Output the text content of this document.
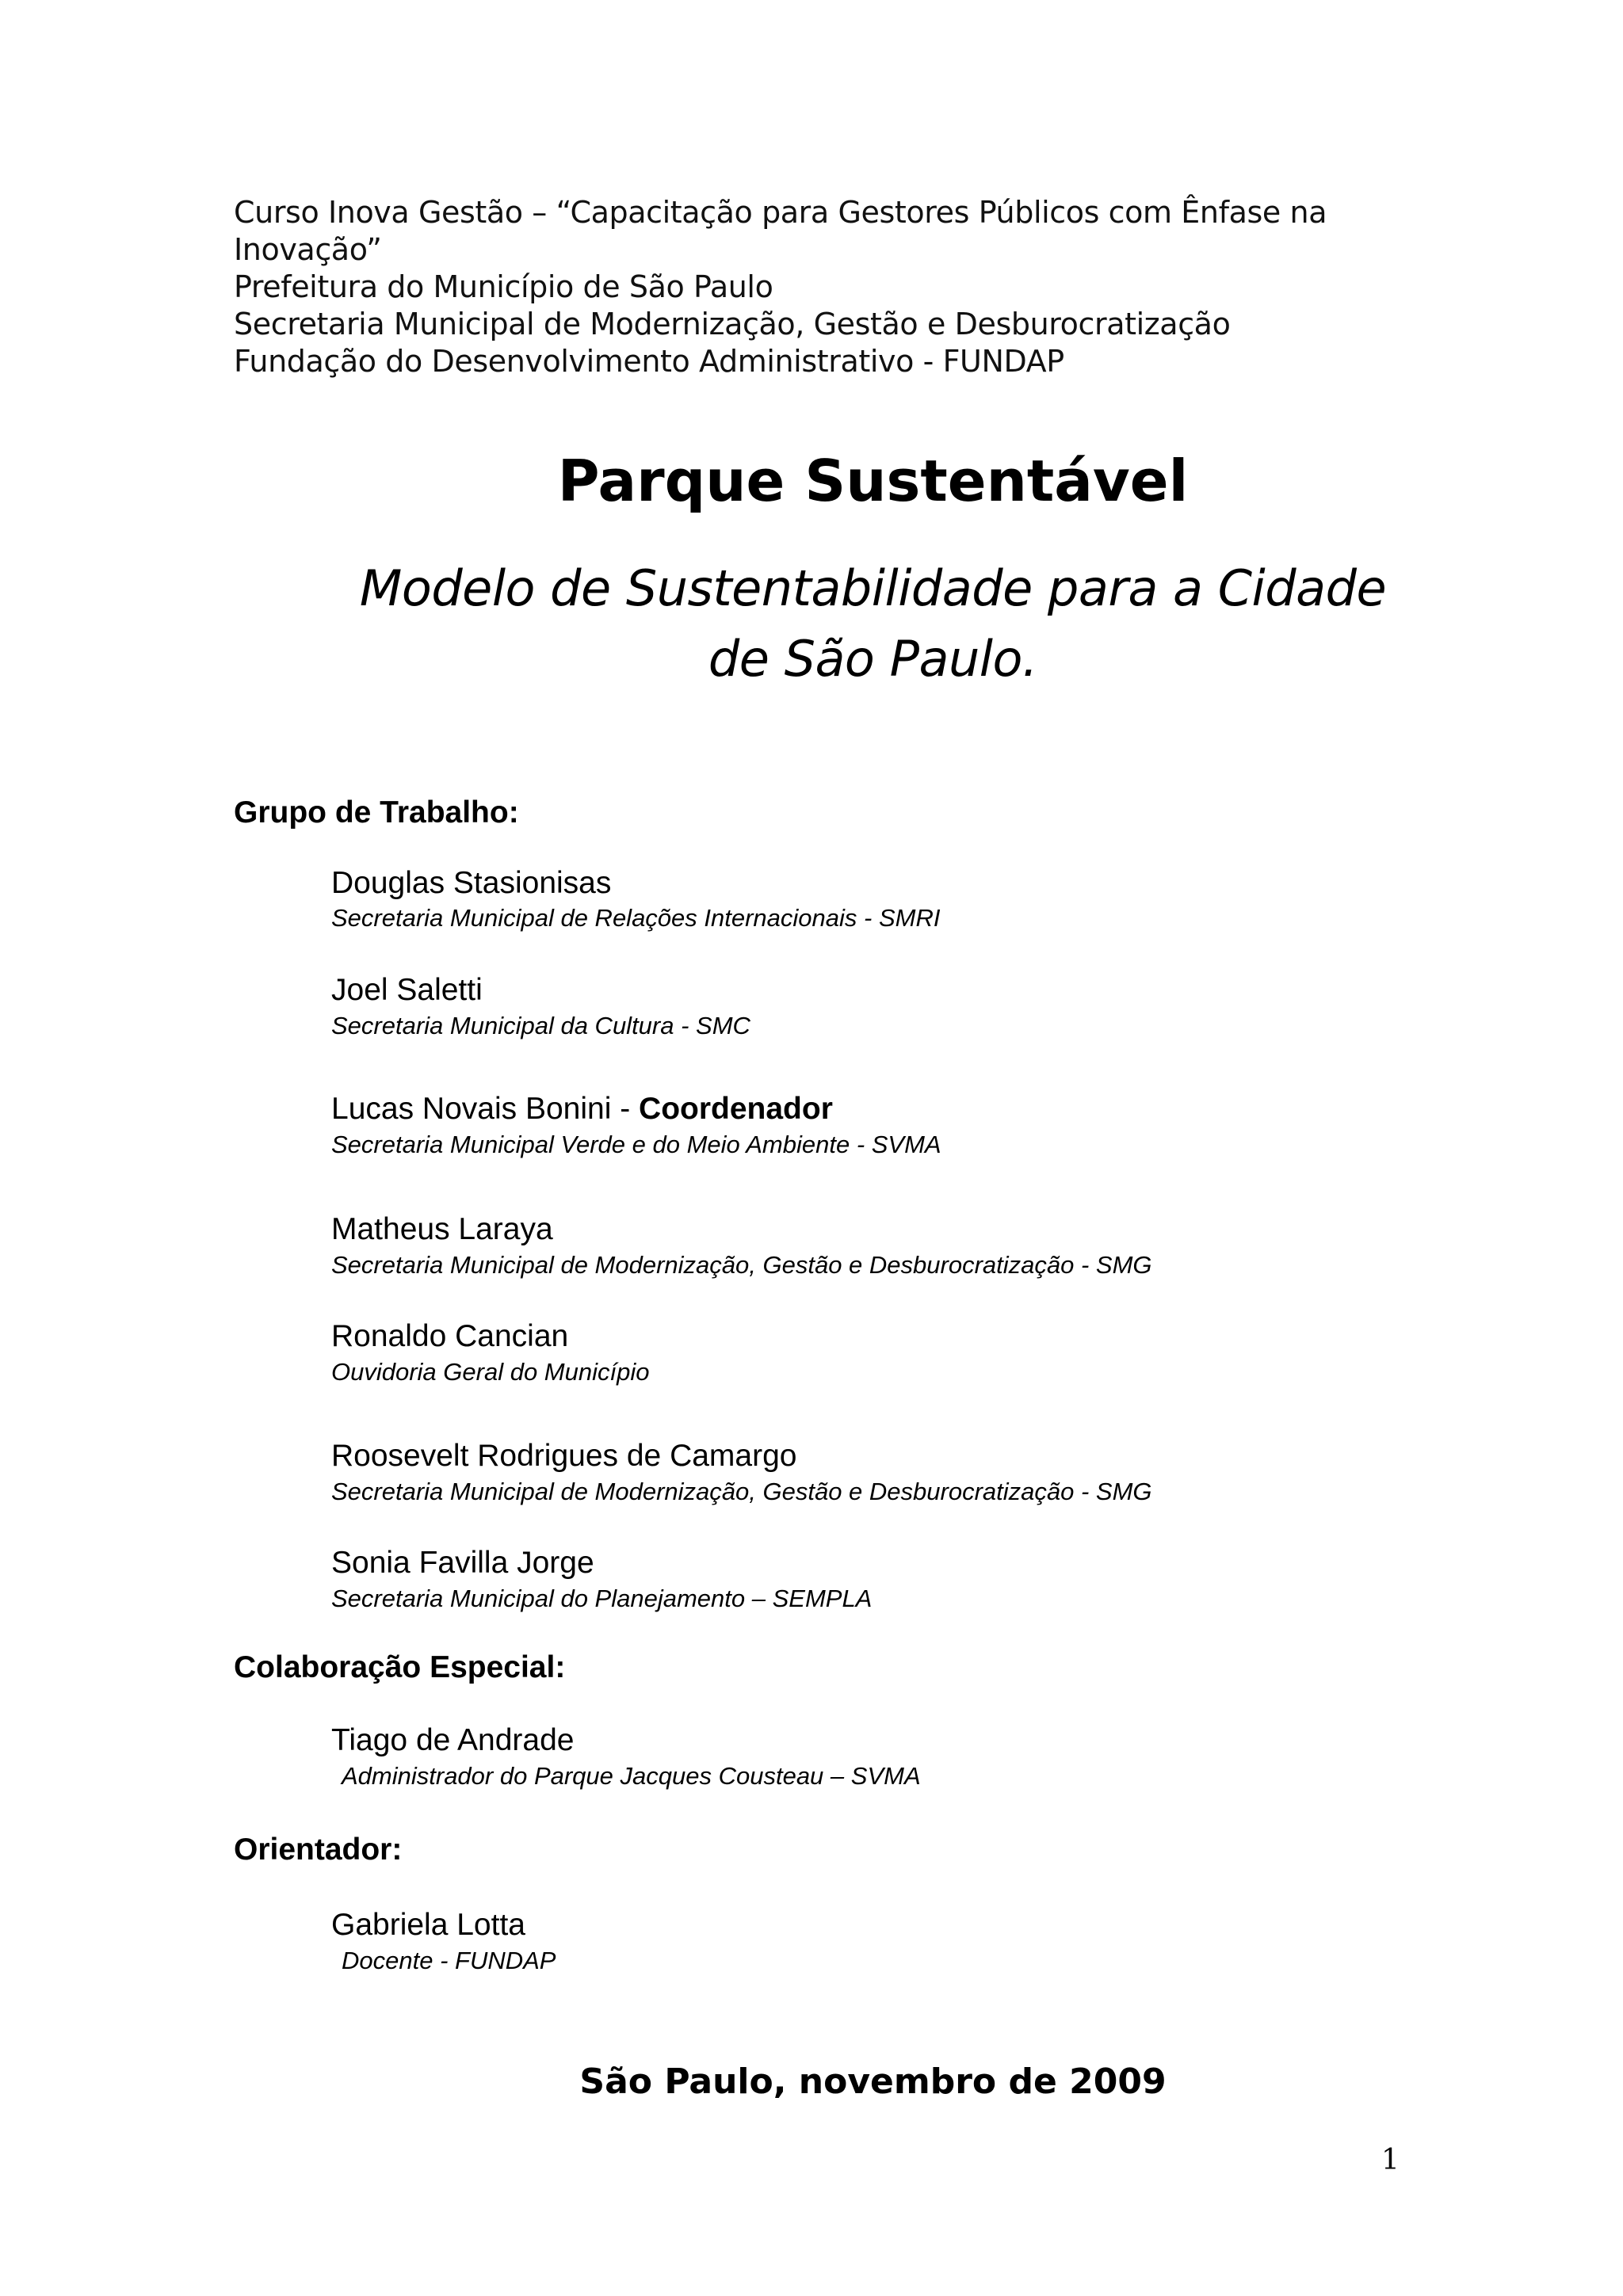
Curso Inova Gestão – “Capacitação para Gestores Públicos com Ênfase na
Inovação”
Prefeitura do Município de São Paulo
Secretaria Municipal de Modernização, Gestão e Desburocratização
Fundação do Desenvolvimento Administrativo - FUNDAP
Parque Sustentável
Modelo de Sustentabilidade para a Cidade
de São Paulo.
Grupo de Trabalho:
Douglas Stasionisas
Secretaria Municipal de Relações Internacionais - SMRI
Joel Saletti
Secretaria Municipal da Cultura - SMC
Lucas Novais Bonini - Coordenador
Secretaria Municipal Verde e do Meio Ambiente - SVMA
Matheus Laraya
Secretaria Municipal de Modernização, Gestão e Desburocratização - SMG
Ronaldo Cancian
Ouvidoria Geral do Município
Roosevelt Rodrigues de Camargo
Secretaria Municipal de Modernização, Gestão e Desburocratização - SMG
Sonia Favilla Jorge
Secretaria Municipal do Planejamento – SEMPLA
Colaboração Especial:
Tiago de Andrade
Administrador do Parque Jacques Cousteau – SVMA
Orientador:
Gabriela Lotta
Docente - FUNDAP
São Paulo, novembro de 2009
1
